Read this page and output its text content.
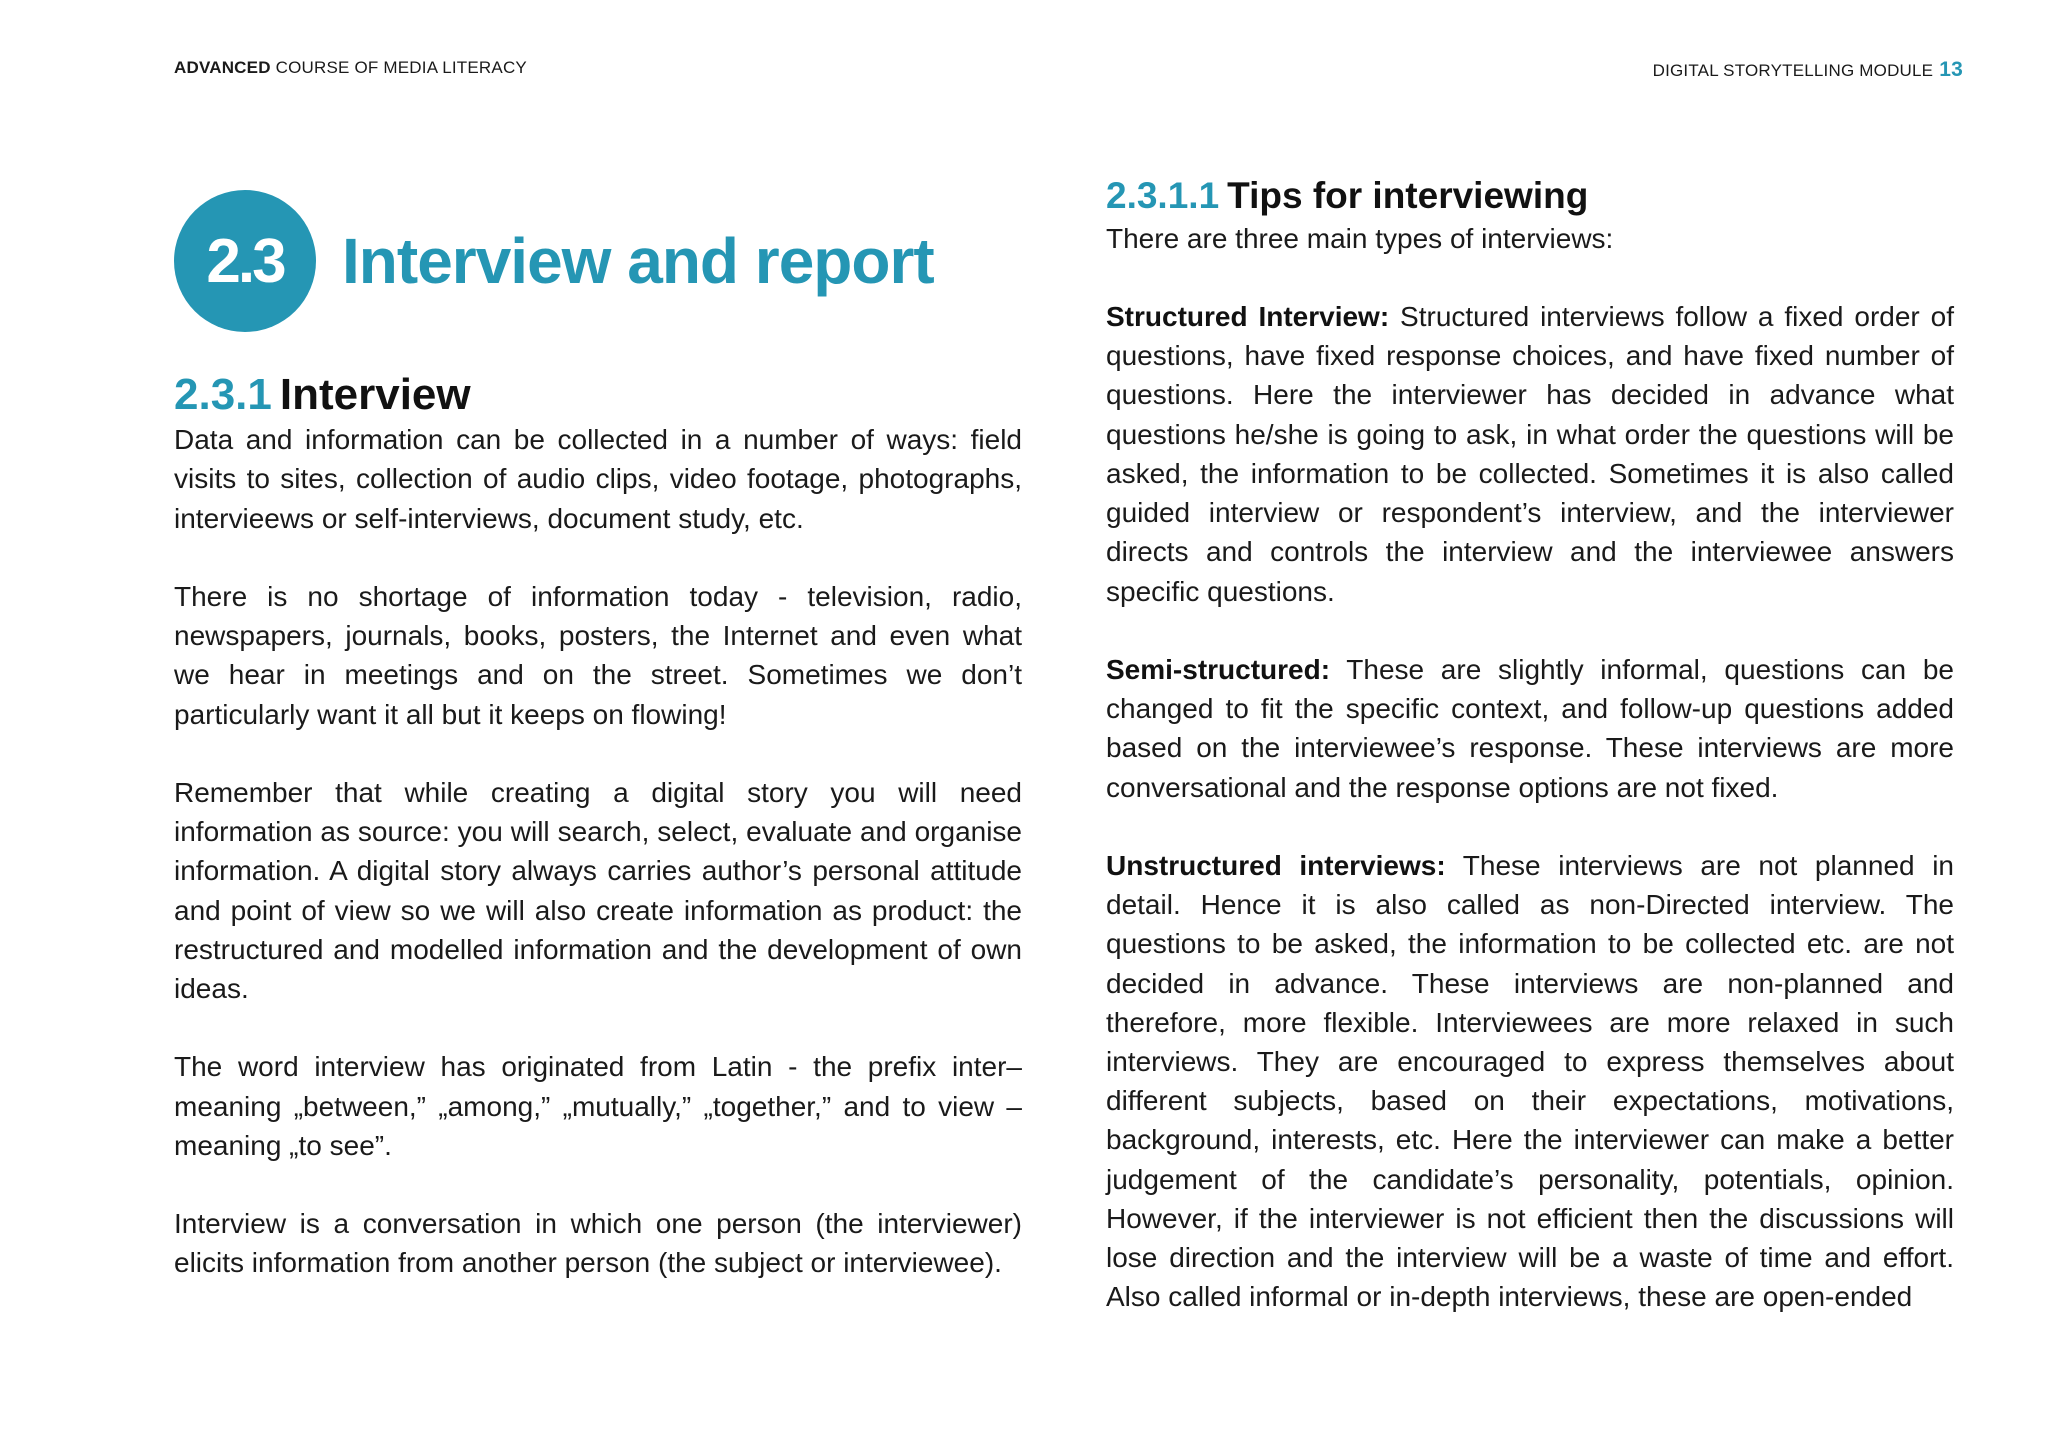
ADVANCED COURSE OF MEDIA LITERACY	DIGITAL STORYTELLING MODULE 13
2.3 Interview and report
2.3.1 Interview

Data and information can be collected in a number of ways: field visits to sites, collection of audio clips, video footage, photographs, intervieews or self-interviews, document study, etc.

There is no shortage of information today - television, radio, newspapers, journals, books, posters, the Internet and even what we hear in meetings and on the street. Sometimes we don’t particularly want it all but it keeps on flowing!

Remember that while creating a digital story you will need information as source: you will search, select, evaluate and organise information. A digital story always carries author’s personal attitude and point of view so we will also create information as product: the restructured and modelled information and the development of own ideas.

The word interview has originated from Latin - the prefix inter– meaning „between,” „among,” „mutually,” „together,” and to view –meaning „to see”.

Interview is a conversation in which one person (the interviewer) elicits information from another person (the subject or interviewee).

2.3.1.1 Tips for interviewing

There are three main types of interviews:

Structured Interview: Structured interviews follow a fixed order of questions, have fixed response choices, and have fixed number of questions. Here the interviewer has decided in advance what questions he/she is going to ask, in what order the questions will be asked, the information to be collected. Sometimes it is also called guided interview or respondent’s interview, and the interviewer directs and controls the interview and the interviewee answers specific questions.

Semi-structured: These are slightly informal, questions can be changed to fit the specific context, and follow-up questions added based on the interviewee’s response. These interviews are more conversational and the response options are not fixed.

Unstructured interviews: These interviews are not planned in detail. Hence it is also called as non-Directed interview. The questions to be asked, the information to be collected etc. are not decided in advance. These interviews are non-planned and therefore, more flexible. Interviewees are more relaxed in such interviews. They are encouraged to express themselves about different subjects, based on their expectations, motivations, background, interests, etc. Here the interviewer can make a better judgement of the candidate’s personality, potentials, opinion. However, if the interviewer is not efficient then the discussions will lose direction and the interview will be a waste of time and effort. Also called informal or in-depth interviews, these are open-ended
